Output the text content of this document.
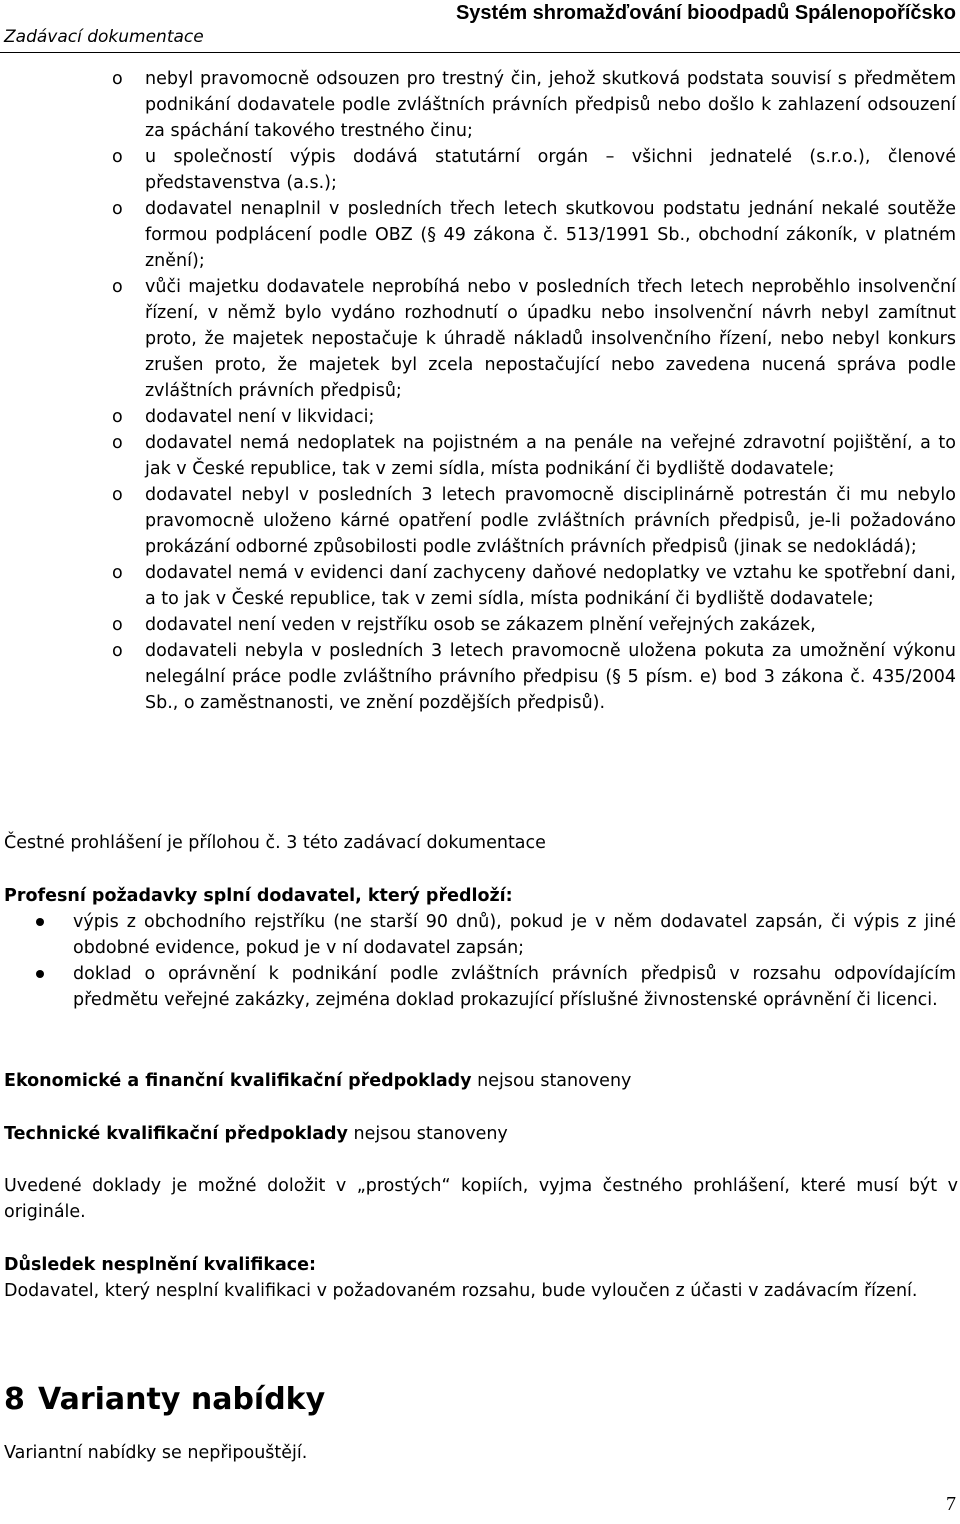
Zadávací dokumentace
Systém shromažďování bioodpadů Spálenopoříčsko
o nebyl pravomocně odsouzen pro trestný čin, jehož skutková podstata souvisí s předmětem podnikání dodavatele podle zvláštních právních předpisů nebo došlo k zahlazení odsouzení za spáchání takového trestného činu;
o u společností výpis dodává statutární orgán – všichni jednatelé (s.r.o.), členové představenstva (a.s.);
o dodavatel nenaplnil v posledních třech letech skutkovou podstatu jednání nekalé soutěže formou podplácení podle OBZ (§ 49 zákona č. 513/1991 Sb., obchodní zákoník, v platném znění);
o vůči majetku dodavatele neprobíhá nebo v posledních třech letech neproběhlo insolvenční řízení, v němž bylo vydáno rozhodnutí o úpadku nebo insolvenční návrh nebyl zamítnut proto, že majetek nepostačuje k úhradě nákladů insolvenčního řízení, nebo nebyl konkurs zrušen proto, že majetek byl zcela nepostačující nebo zavedena nucená správa podle zvláštních právních předpisů;
o dodavatel není v likvidaci;
o dodavatel nemá nedoplatek na pojistném a na penále na veřejné zdravotní pojištění, a to jak v České republice, tak v zemi sídla, místa podnikání či bydliště dodavatele;
o dodavatel nebyl v posledních 3 letech pravomocně disciplinárně potrestán či mu nebylo pravomocně uloženo kárné opatření podle zvláštních právních předpisů, je-li požadováno prokázání odborné způsobilosti podle zvláštních právních předpisů (jinak se nedokládá);
o dodavatel nemá v evidenci daní zachyceny daňové nedoplatky ve vztahu ke spotřební dani, a to jak v České republice, tak v zemi sídla, místa podnikání či bydliště dodavatele;
o dodavatel není veden v rejstříku osob se zákazem plnění veřejných zakázek,
o dodavateli nebyla v posledních 3 letech pravomocně uložena pokuta za umožnění výkonu nelegální práce podle zvláštního právního předpisu (§ 5 písm. e) bod 3 zákona č. 435/2004 Sb., o zaměstnanosti, ve znění pozdějších předpisů).
Čestné prohlášení je přílohou č. 3 této zadávací dokumentace
Profesní požadavky splní dodavatel, který předloží:
výpis z obchodního rejstříku (ne starší 90 dnů), pokud je v něm dodavatel zapsán, či výpis z jiné obdobné evidence, pokud je v ní dodavatel zapsán;
doklad o oprávnění k podnikání podle zvláštních právních předpisů v rozsahu odpovídajícím předmětu veřejné zakázky, zejména doklad prokazující příslušné živnostenské oprávnění či licenci.
Ekonomické a finanční kvalifikační předpoklady nejsou stanoveny
Technické kvalifikační předpoklady nejsou stanoveny
Uvedené doklady je možné doložit v „prostých“ kopiích, vyjma čestného prohlášení, které musí být v originále.
Důsledek nesplnění kvalifikace:
Dodavatel, který nesplní kvalifikaci v požadovaném rozsahu, bude vyloučen z účasti v zadávacím řízení.
8 Varianty nabídky
Variantní nabídky se nepřipouštějí.
7
